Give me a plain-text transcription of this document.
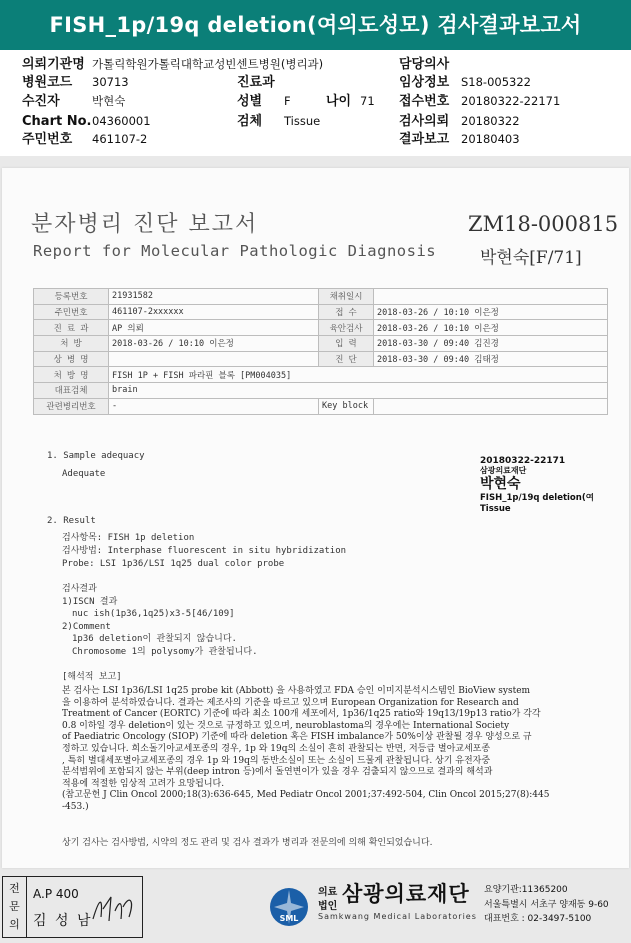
FISH_1p/19q deletion(여의도성모) 검사결과보고서
의뢰기관명 가톨릭학원가톨릭대학교성빈센트병원(병리과)
병원코드 30713
수진자	박현숙
Chart No.04360001
주민번호 461107-2
진료과
성별 F	나이 71
검체 Tissue
담당의사
임상정보 S18-005322
접수번호 20180322-22171
검사의뢰 20180322
결과보고 20180403
분자병리 진단 보고서
Report for Molecular Pathologic Diagnosis
ZM18-000815
박현숙[F/71]
등록번호	21931582	채취일시	
주민번호	461107-2xxxxxx	접 수	2018-03-26 / 10:10 이은정
진 료 과	AP 의뢰	육안검사	2018-03-26 / 10:10 이은정
처 방	2018-03-26 / 10:10 이은정	입 력	2018-03-30 / 09:40 김진경
상 병 명		진 단	2018-03-30 / 09:40 김태정
처 방 명	FISH 1P + FISH 파라핀 블록 [PM004035]		
대표검체	brain		
관련병리번호	-	Key block	
1. Sample adequacy
Adequate
20180322-22171
삼광의료재단
박현숙
FISH_1p/19q deletion(여
Tissue
2. Result
검사항목: FISH 1p deletion
검사방법: Interphase fluorescent in situ hybridization
Probe: LSI 1p36/LSI 1q25 dual color probe
검사결과
1)ISCN 결과
nuc ish(1p36,1q25)x3-5[46/109]
2)Comment
1p36 deletion이 관찰되지 않습니다.
Chromosome 1의 polysomy가 관찰됩니다.
[해석적 보고]
본 검사는 LSI 1p36/LSI 1q25 probe kit (Abbott) 을 사용하였고 FDA 승인 이미지분석시스템인 BioView system
을 이용하여 분석하였습니다. 결과는 제조사의 기준을 따르고 있으며 European Organization for Research and
Treatment of Cancer (EORTC) 기준에 따라 최소 100개 세포에서, 1p36/1q25 ratio와 19q13/19p13 ratio가 각각
0.8 이하일 경우 deletion이 있는 것으로 규정하고 있으며, neuroblastoma의 경우에는 International Society
of Paediatric Oncology (SIOP) 기준에 따라 deletion 혹은 FISH imbalance가 50%이상 관찰될 경우 양성으로 규
정하고 있습니다. 희소돌기아교세포종의 경우, 1p 와 19q의 소실이 흔히 관찰되는 반면, 저등급 별아교세포종
, 특히 별대세포별아교세포종의 경우 1p 와 19q의 동반소실이 또는 소실이 드물게 관찰됩니다. 상기 유전자중
분석범위에 포함되지 않는 부위(deep intron 등)에서 돌연변이가 있을 경우 검출되지 않으므로 결과의 해석과
적용에 적절한 임상적 고려가 요망됩니다.
(참고문헌 J Clin Oncol 2000;18(3):636-645, Med Pediatr Oncol 2001;37:492-504, Clin Oncol 2015;27(8):445
-453.)
상기 검사는 검사방법, 시약의 정도 관리 및 검사 결과가 병리과 전문의에 의해 확인되었습니다.
전문의
A.P 400
김 성 남	SML
의료
법인
삼광의료재단
Samkwang Medical Laboratories
요양기관:11365200
서울특별시 서초구 양재동 9-60
대표번호 : 02-3497-5100
